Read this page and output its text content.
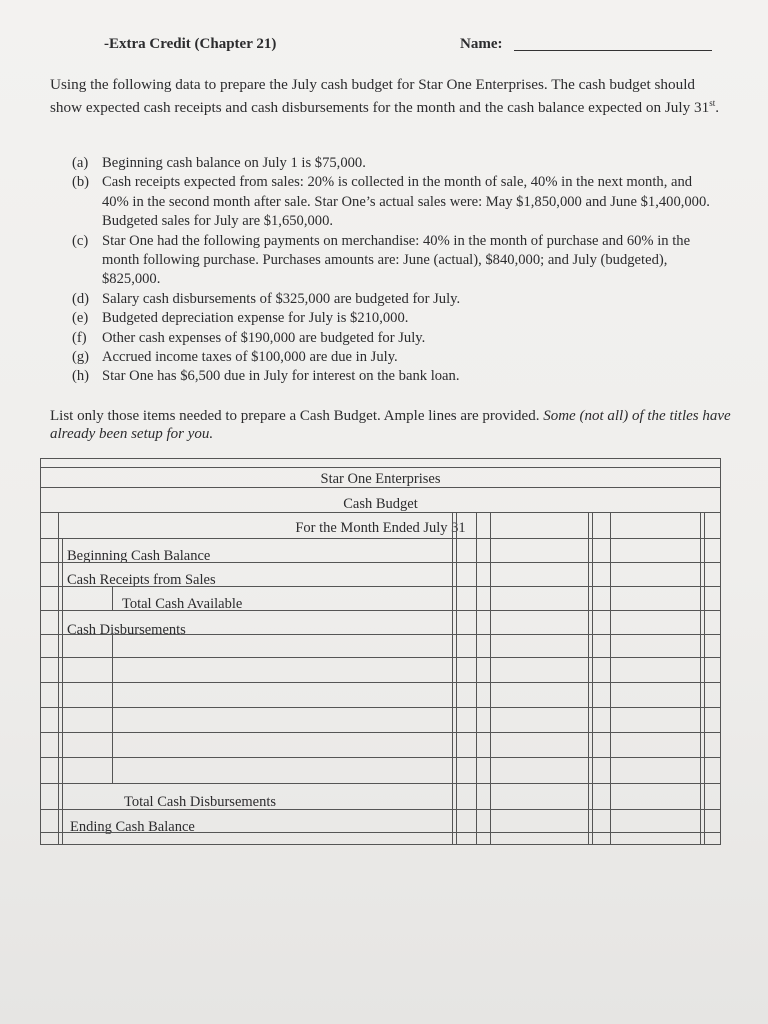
-Extra Credit (Chapter 21)	Name:
Using the following data to prepare the July cash budget for Star One Enterprises. The cash budget should show expected cash receipts and cash disbursements for the month and the cash balance expected on July 31st.
(a) Beginning cash balance on July 1 is $75,000.
(b) Cash receipts expected from sales: 20% is collected in the month of sale, 40% in the next month, and 40% in the second month after sale. Star One’s actual sales were: May $1,850,000 and June $1,400,000. Budgeted sales for July are $1,650,000.
(c) Star One had the following payments on merchandise: 40% in the month of purchase and 60% in the month following purchase. Purchases amounts are: June (actual), $840,000; and July (budgeted), $825,000.
(d) Salary cash disbursements of $325,000 are budgeted for July.
(e) Budgeted depreciation expense for July is $210,000.
(f)	Other cash expenses of $190,000 are budgeted for July.
(g) Accrued income taxes of $100,000 are due in July.
(h) Star One has $6,500 due in July for interest on the bank loan.
List only those items needed to prepare a Cash Budget. Ample lines are provided. Some (not all) of the titles have already been setup for you.
Star One Enterprises
Cash Budget
For the Month Ended July 31
Beginning Cash Balance
Cash Receipts from Sales
Total Cash Available
Cash Disbursements
Total Cash Disbursements
Ending Cash Balance
